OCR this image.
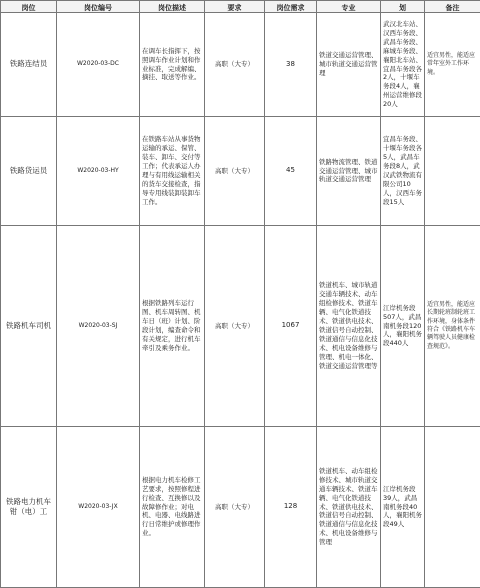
岗位	岗位编号	岗位描述	要求	岗位需求	专业	划	备注

铁路连结员	W2020-03-DC	在调车长指挥下，按照调车作业计划和作业标准，完成解编、摘挂、取送等作业。	高职（大专）	38	铁道交通运营管理、城市轨道交通运营管理	武汉北车站、汉西车务段、武昌车务段、麻城车务段、襄阳北车站、宜昌车务段各2人，十堰车务段4人，襄州运营维修段20人	适宜男性，能适应常年室外工作环境。
铁路货运员	W2020-03-HY	在铁路车站从事货物运输的承运、保管、装车、卸车、交付等工作；代表承运人办理与有用线运输相关的货车交接检查，指导专用线装卸装卸车工作。	高职（大专）	45	铁路物流管理、铁道交通运营管理、城市轨道交通运营管理	宜昌车务段、十堰车务段各5人，武昌车务段8人，武汉武铁物流有限公司10人，汉西车务段15人	
铁路机车司机	W2020-03-SJ	根据铁路列车运行图、机车周转图、机车日（班）计划、阶段计划，编查命令和有关规定，进行机车牵引及乘务作业。	高职（大专）	1067	铁道机车、城市轨道交通车辆技术、动车组检修技术、铁道车辆、电气化铁道技术、铁道供电技术、铁道信号自动控制、铁道通信与信息化技术、机电设备维修与管理、机电一体化、铁道交通运营管理等	江岸机务段507人，武昌南机务段120人，襄阳机务段440人	适宜男性，能适应长期轮班制轮班工作环境，身体条件符合《铁路机车车辆驾驶人员健康检查规范》。
铁路电力机车钳（电）工	W2020-03-JX	根据电力机车检修工艺要求，按照修程进行检查、互换修以及故障修作业；对电机、电器、电线路进行日常维护或修理作业。	高职（大专）	128	铁道机车、动车组检修技术、城市轨道交通车辆技术、铁道车辆、电气化铁道技术、铁道供电技术、铁道信号自动控制、铁道通信与信息化技术、机电设备维修与管理	江岸机务段39人，武昌南机务段40人，襄阳机务段49人	
